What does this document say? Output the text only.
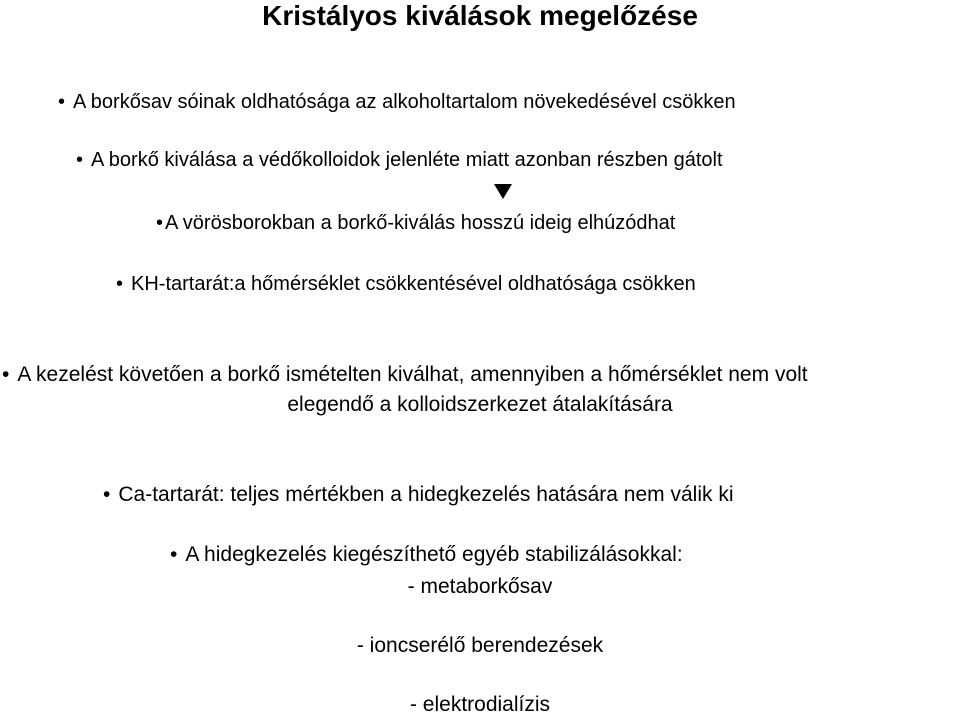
Kristályos kiválások megelőzése
• A borkősav sóinak oldhatósága az alkoholtartalom növekedésével csökken
• A borkő kiválása a védőkolloidok jelenléte miatt azonban részben gátolt
• A vörösborokban a borkő-kiválás hosszú ideig elhúzódhat
• KH-tartarát:a hőmérséklet csökkentésével oldhatósága csökken
• A kezelést követően a borkő ismételten kiválhat, amennyiben a hőmérséklet nem volt
elegendő a kolloidszerkezet átalakítására
• Ca-tartarát: teljes mértékben a hidegkezelés hatására nem válik ki
• A hidegkezelés kiegészíthető egyéb stabilizálásokkal:
- metaborkősav
- ioncserélő berendezések
- elektrodialízis
